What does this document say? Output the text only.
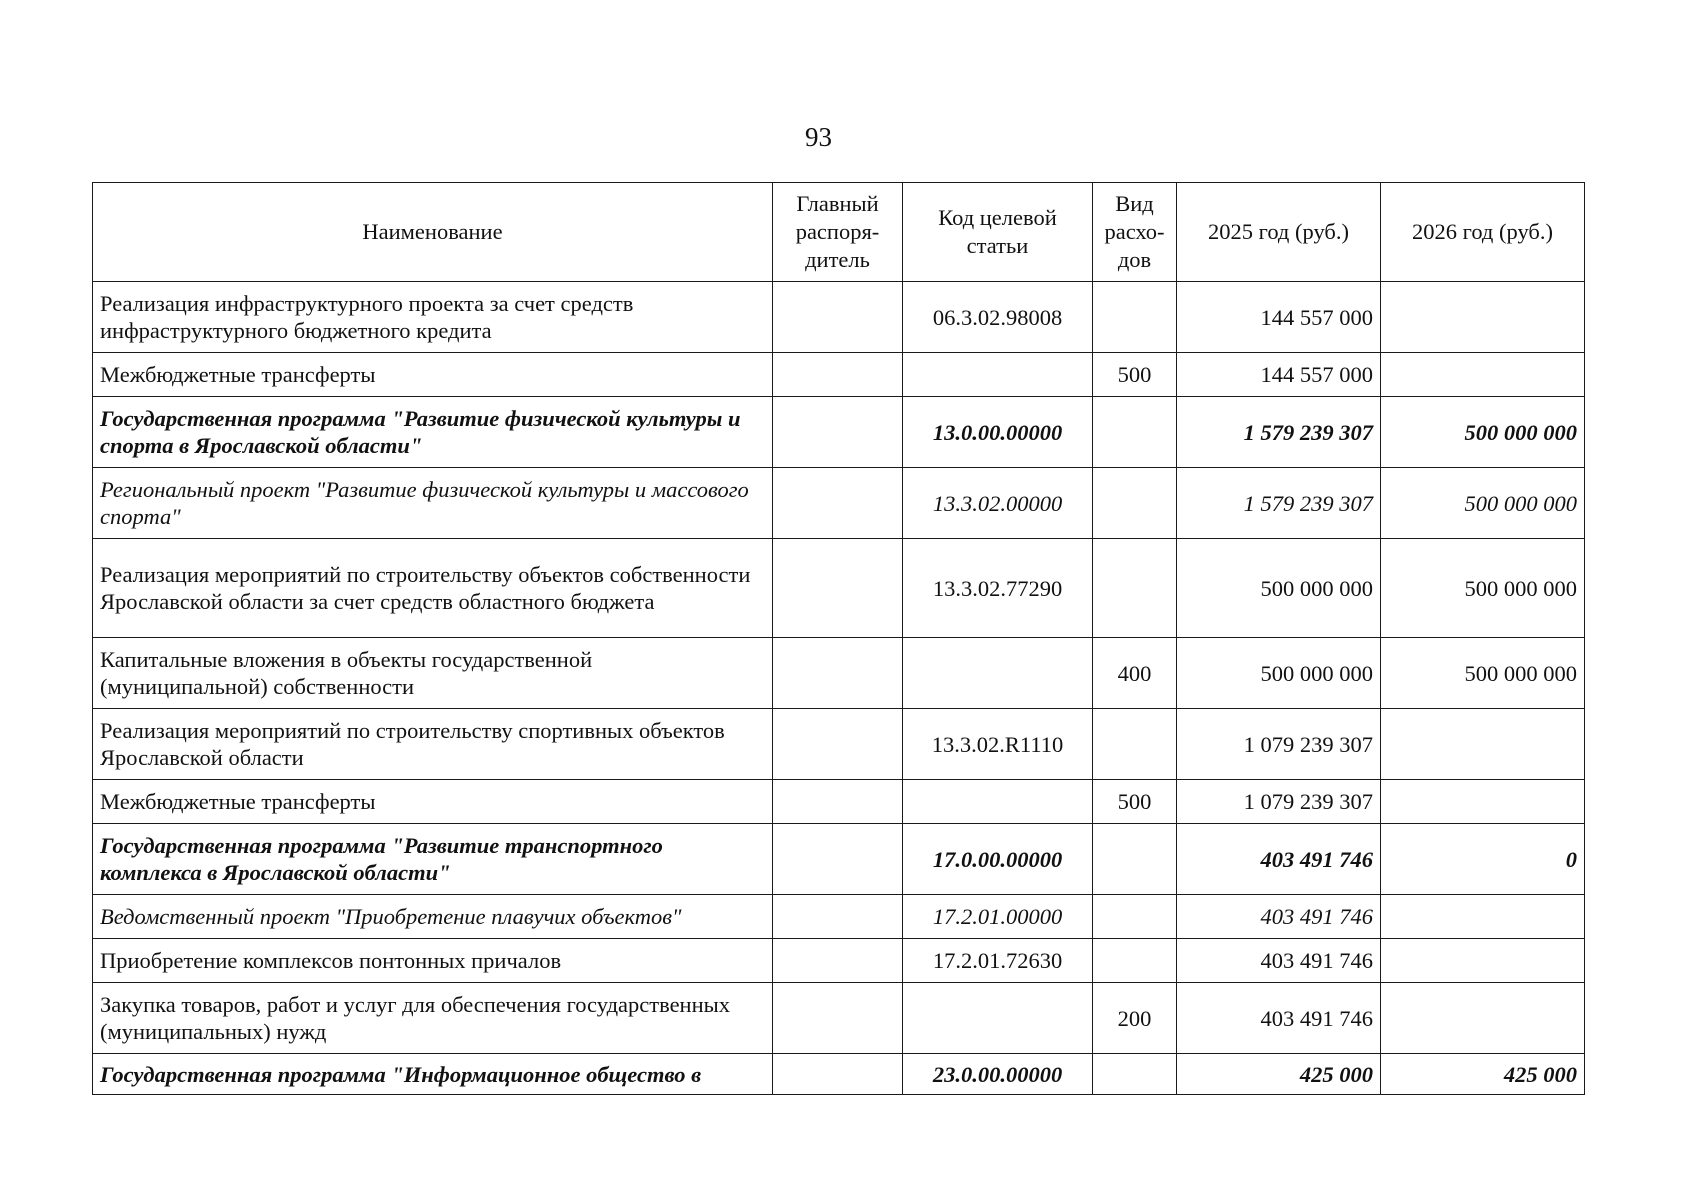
93
Наименование	Главный распоря-дитель	Код целевой статьи	Вид расхо-дов	2025 год (руб.)	2026 год (руб.)
Реализация инфраструктурного проекта за счет средств инфраструктурного бюджетного кредита		06.3.02.98008		144 557 000	
Межбюджетные трансферты			500	144 557 000	
Государственная программа "Развитие физической культуры и спорта в Ярославской области"		13.0.00.00000		1 579 239 307	500 000 000
Региональный проект "Развитие физической культуры и массового спорта"		13.3.02.00000		1 579 239 307	500 000 000
Реализация мероприятий по строительству объектов собственности Ярославской области за счет средств областного бюджета		13.3.02.77290		500 000 000	500 000 000
Капитальные вложения в объекты государственной (муниципальной) собственности			400	500 000 000	500 000 000
Реализация мероприятий по строительству спортивных объектов Ярославской области		13.3.02.R1110		1 079 239 307	
Межбюджетные трансферты			500	1 079 239 307	
Государственная программа "Развитие транспортного комплекса в Ярославской области"		17.0.00.00000		403 491 746	0
Ведомственный проект "Приобретение плавучих объектов"		17.2.01.00000		403 491 746	
Приобретение комплексов понтонных причалов		17.2.01.72630		403 491 746	
Закупка товаров, работ и услуг для обеспечения государственных (муниципальных) нужд			200	403 491 746	
Государственная программа "Информационное общество в		23.0.00.00000		425 000	425 000
